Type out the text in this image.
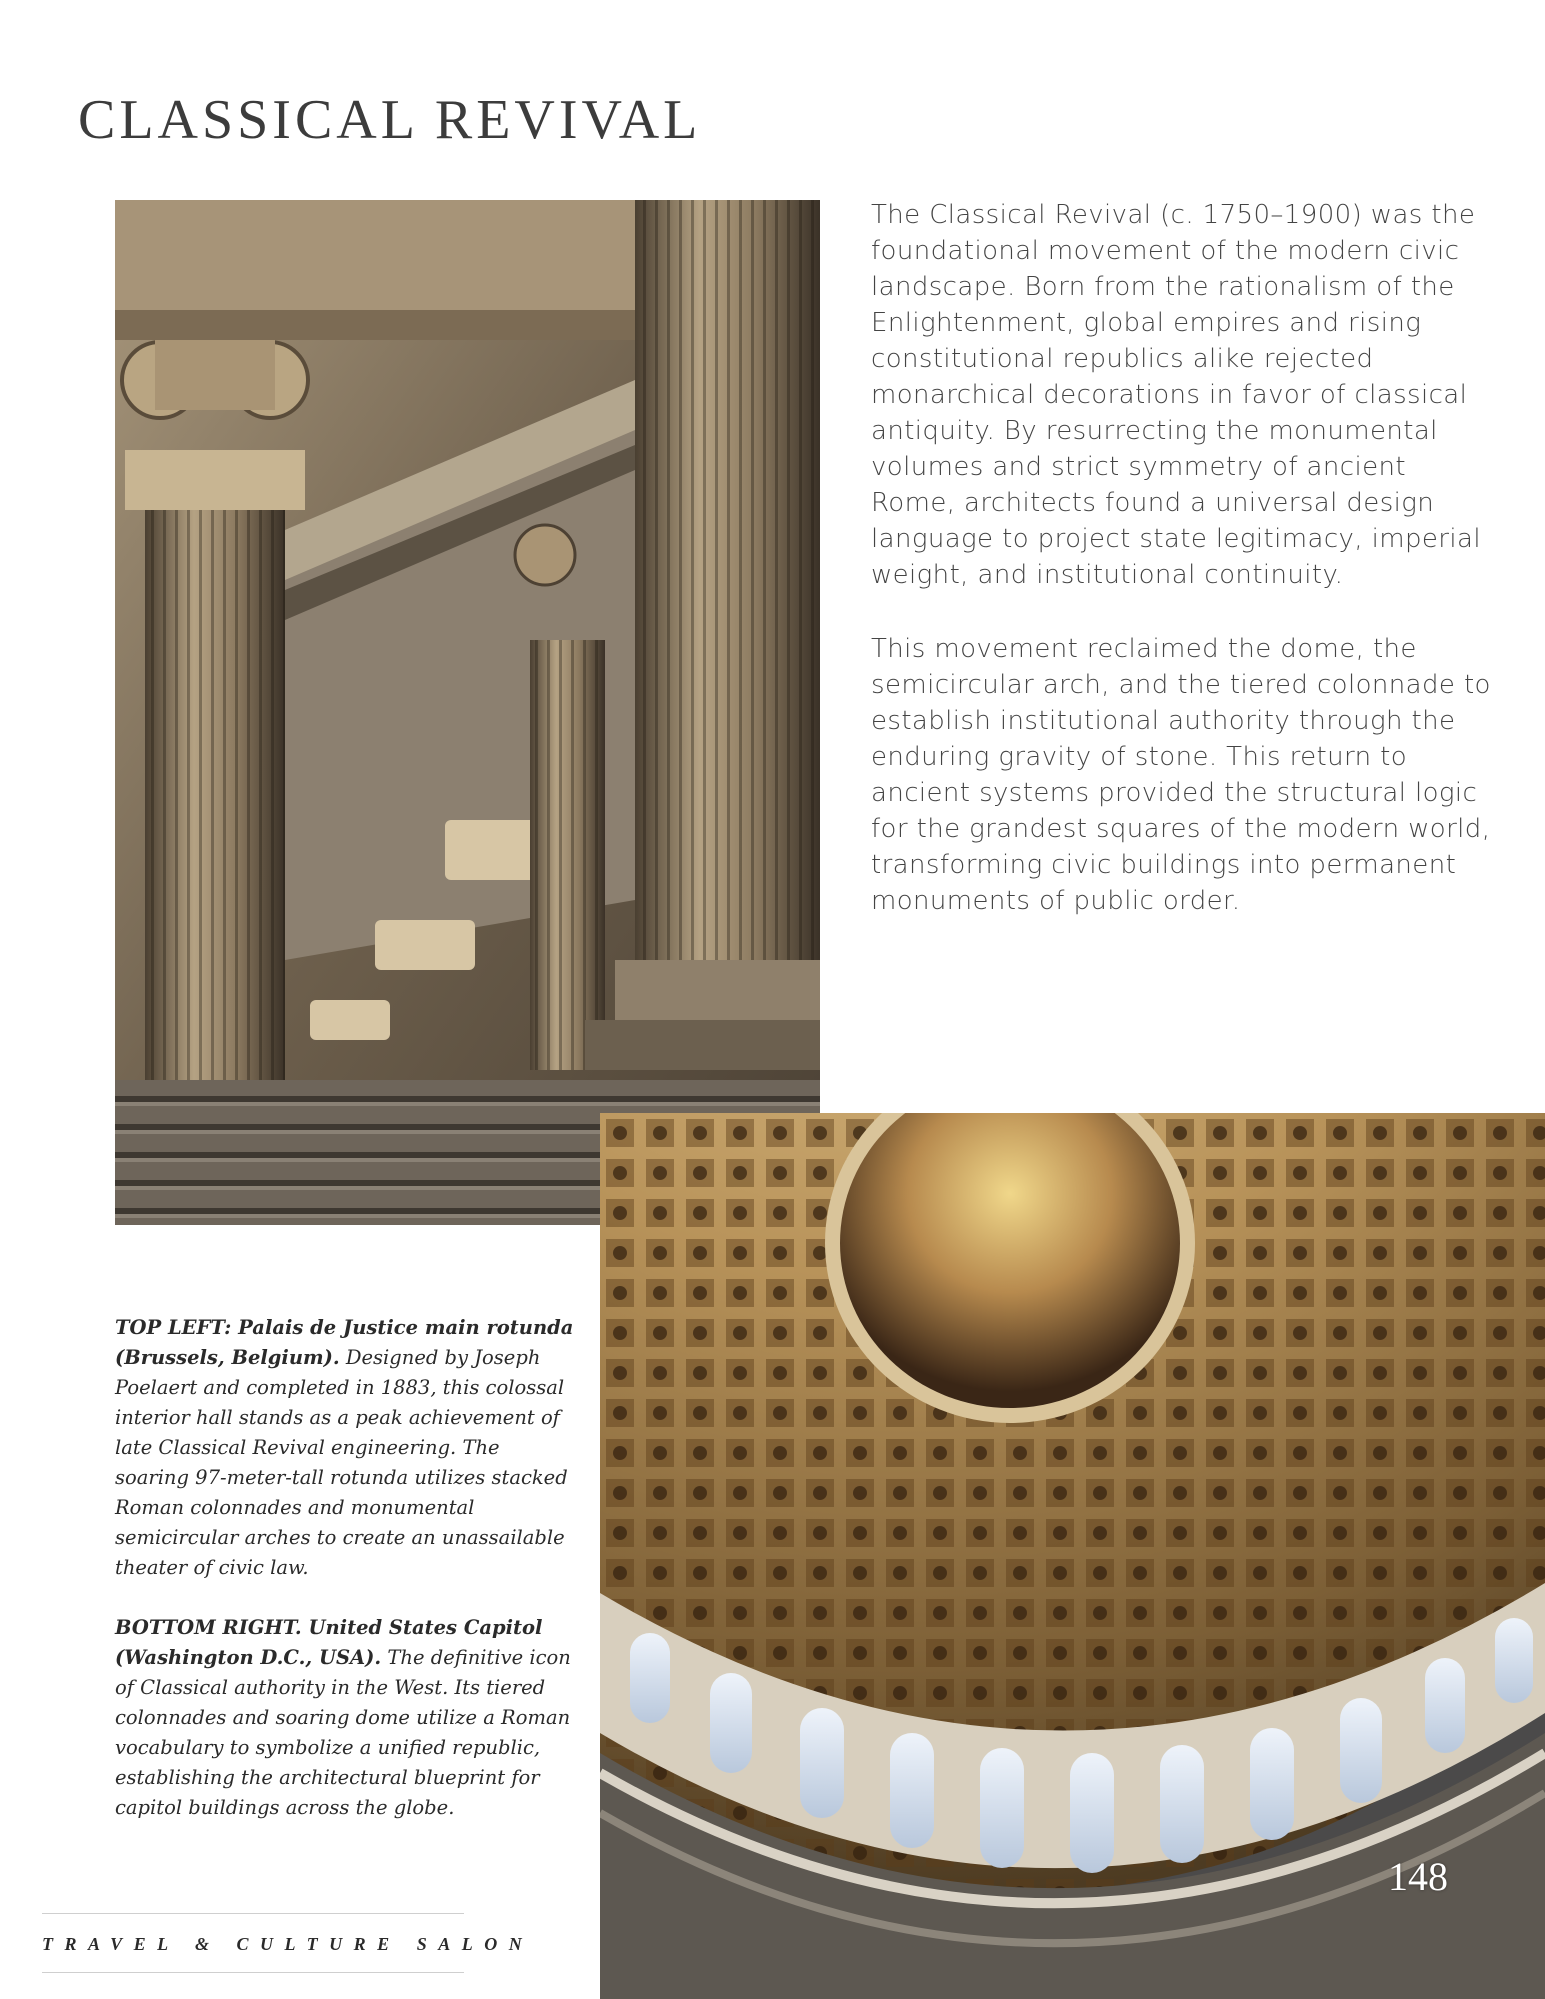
CLASSICAL REVIVAL

The Classical Revival (c. 1750–1900) was the foundational movement of the modern civic landscape. Born from the rationalism of the Enlightenment, global empires and rising constitutional republics alike rejected monarchical decorations in favor of classical antiquity. By resurrecting the monumental volumes and strict symmetry of ancient Rome, architects found a universal design language to project state legitimacy, imperial weight, and institutional continuity.

This movement reclaimed the dome, the semicircular arch, and the tiered colonnade to establish institutional authority through the enduring gravity of stone. This return to ancient systems provided the structural logic for the grandest squares of the modern world, transforming civic buildings into permanent monuments of public order.

TOP LEFT: Palais de Justice main rotunda (Brussels, Belgium). Designed by Joseph Poelaert and completed in 1883, this colossal interior hall stands as a peak achievement of late Classical Revival engineering. The soaring 97-meter-tall rotunda utilizes stacked Roman colonnades and monumental semicircular arches to create an unassailable theater of civic law.

BOTTOM RIGHT. United States Capitol (Washington D.C., USA). The definitive icon of Classical authority in the West. Its tiered colonnades and soaring dome utilize a Roman vocabulary to symbolize a unified republic, establishing the architectural blueprint for capitol buildings across the globe.

148
TRAVEL & CULTURE SALON
